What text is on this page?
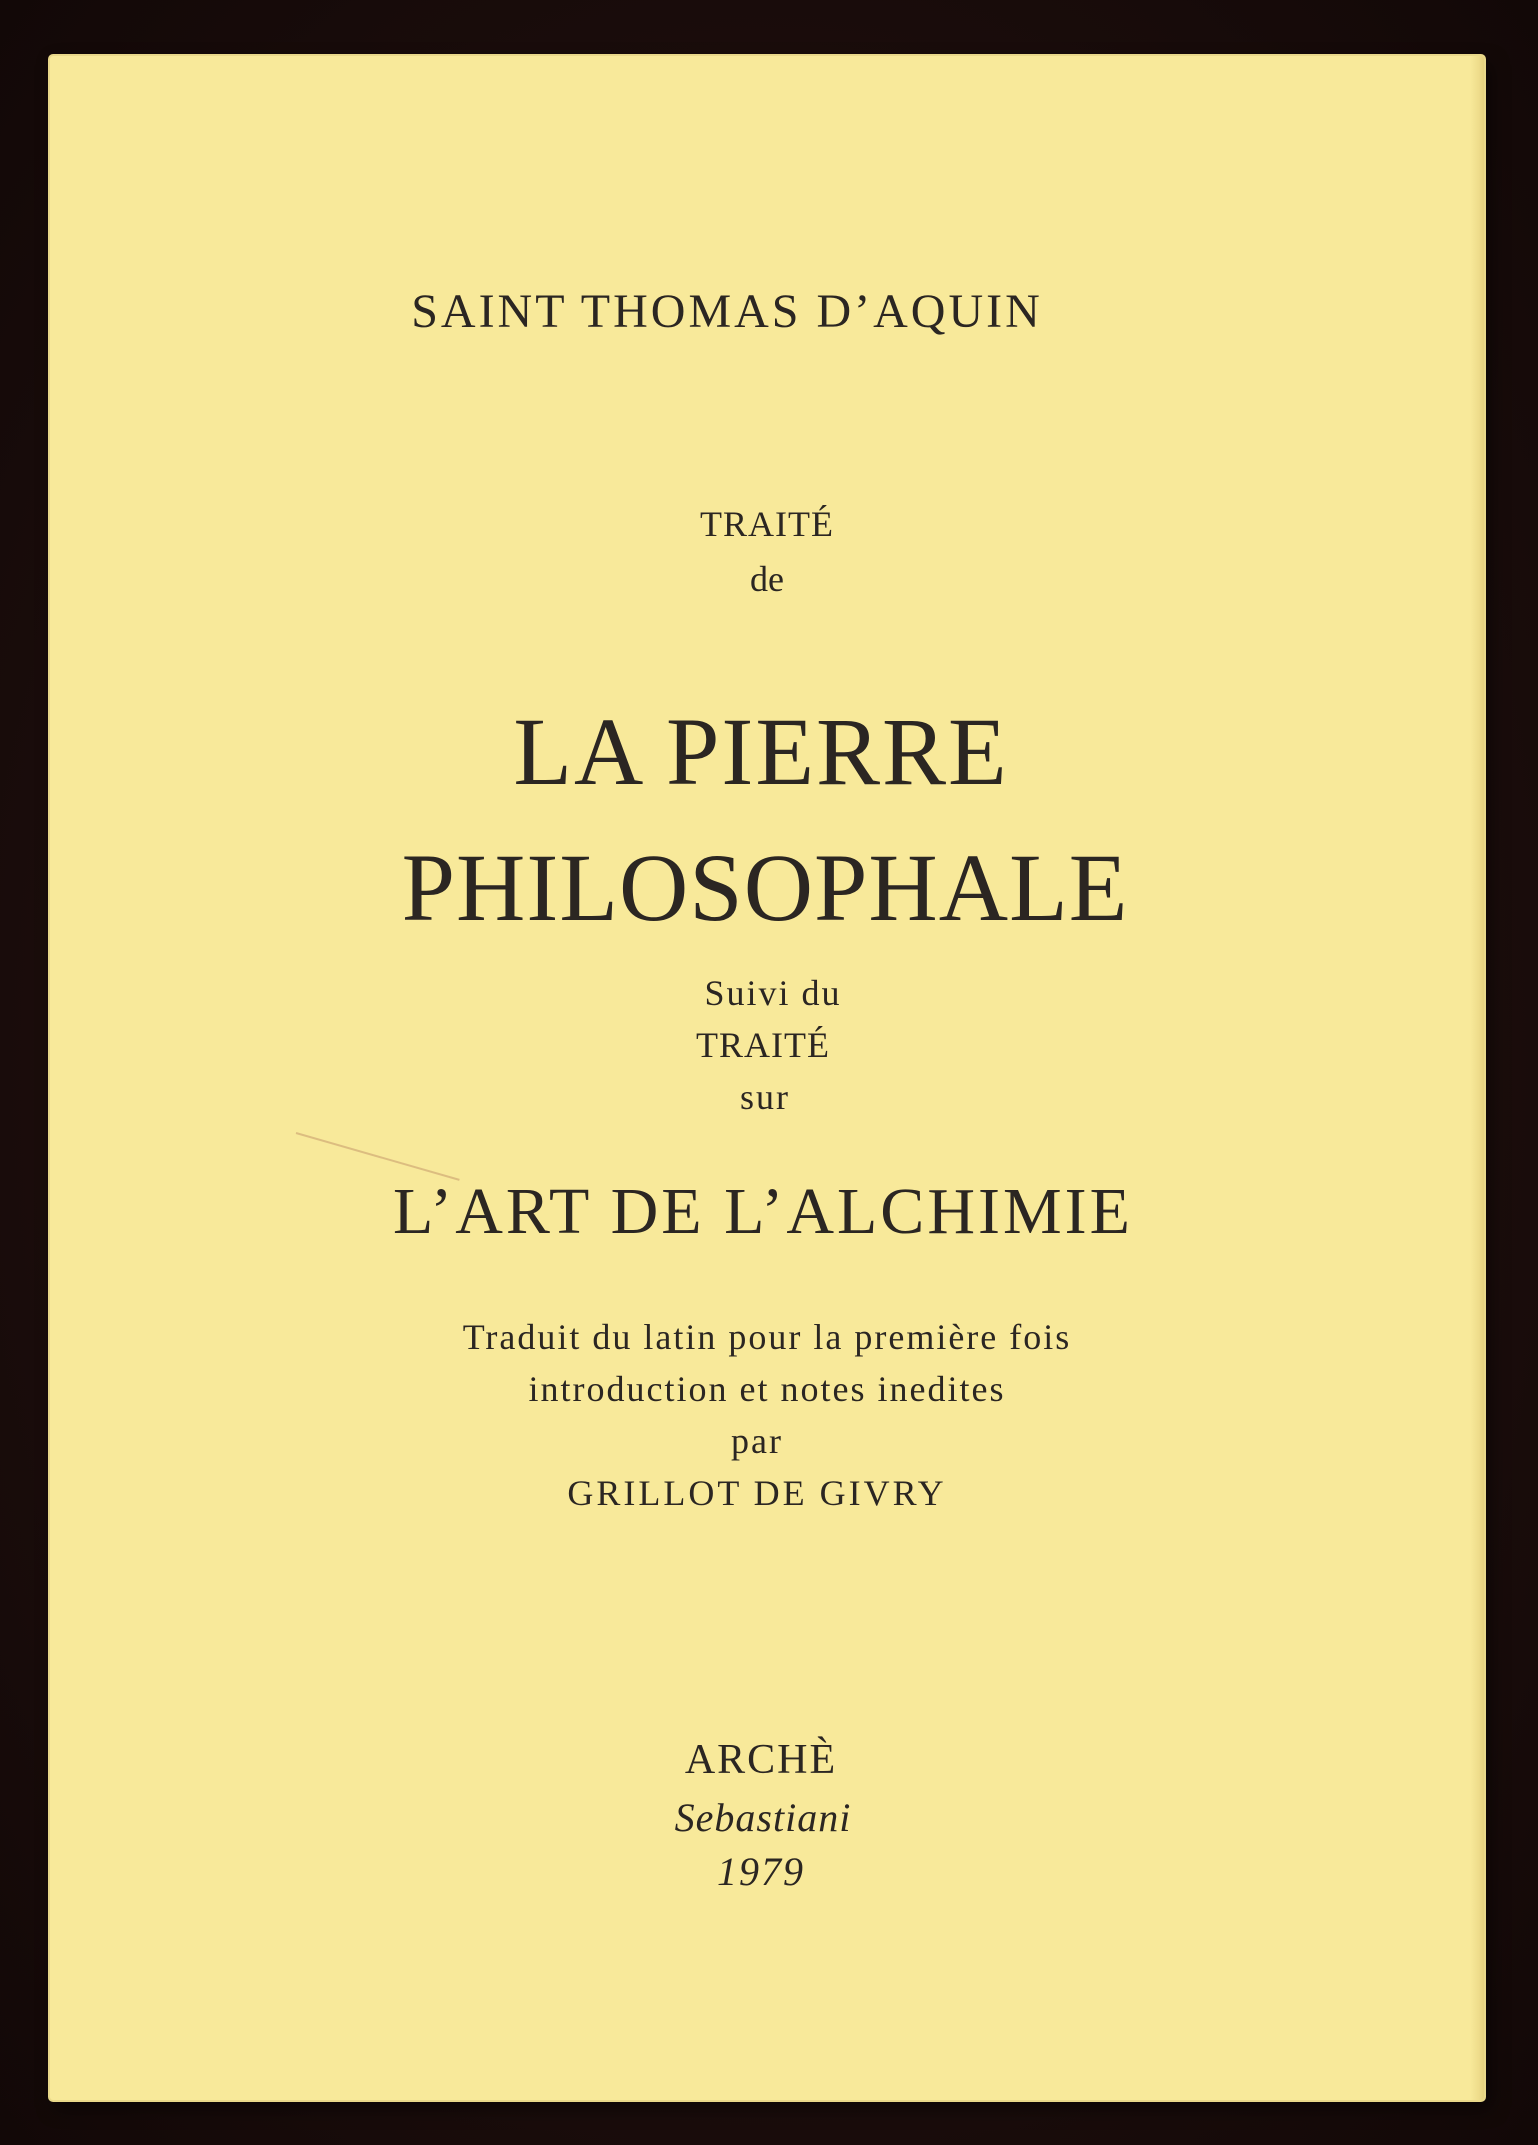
SAINT THOMAS D’AQUIN
TRAITÉ
de
LA PIERRE
PHILOSOPHALE
Suivi du
TRAITÉ
sur
L’ART DE L’ALCHIMIE
Traduit du latin pour la première fois
introduction et notes inedites
par
GRILLOT DE GIVRY
ARCHÈ
Sebastiani
1979
